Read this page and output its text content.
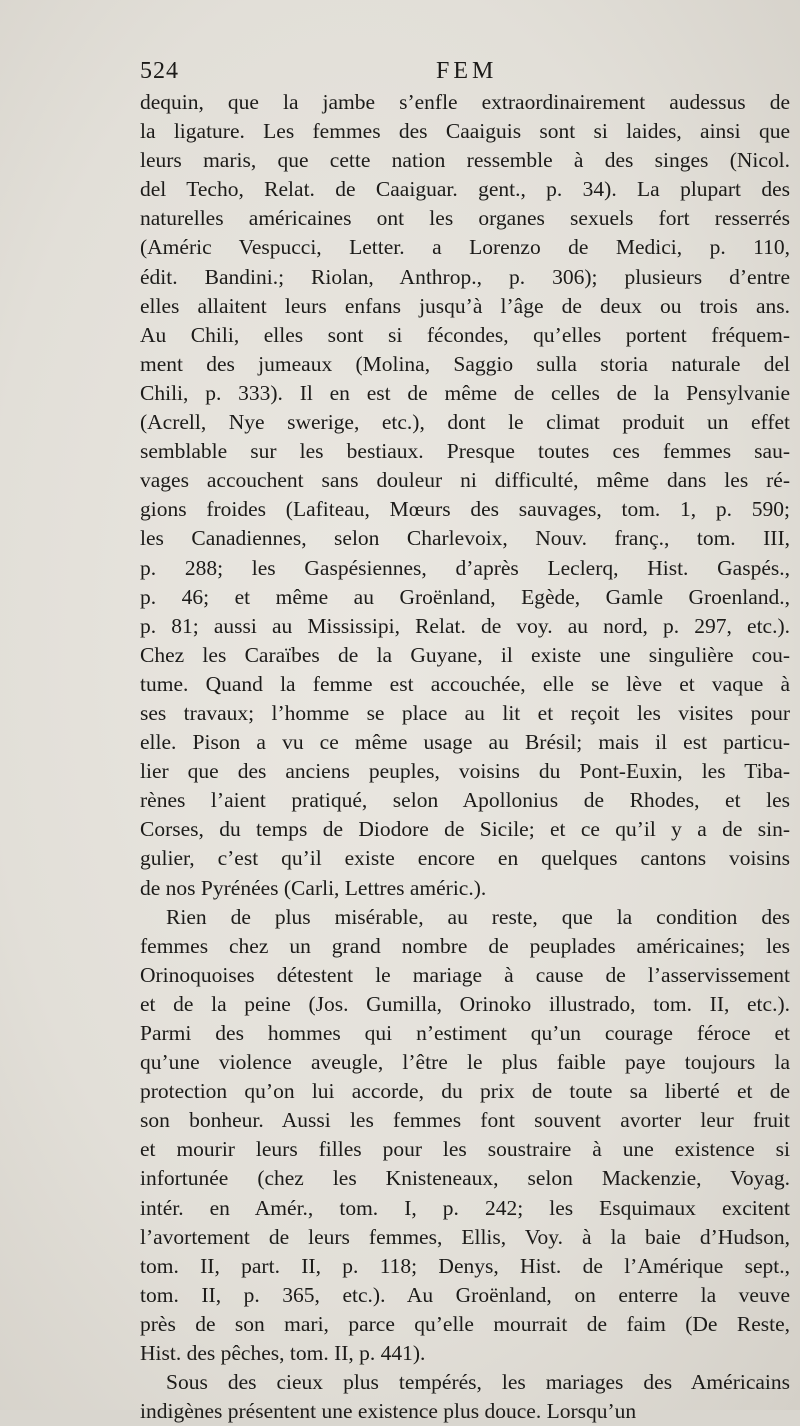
524	FEM
dequin, que la jambe s’enfle extraordinairement audessus de
la ligature. Les femmes des Caaiguis sont si laides, ainsi que
leurs maris, que cette nation ressemble à des singes (Nicol.
del Techo, Relat. de Caaiguar. gent., p. 34). La plupart des
naturelles américaines ont les organes sexuels fort resserrés
(Améric Vespucci, Letter. a Lorenzo de Medici, p. 110,
édit. Bandini.; Riolan, Anthrop., p. 306); plusieurs d’entre
elles allaitent leurs enfans jusqu’à l’âge de deux ou trois ans.
Au Chili, elles sont si fécondes, qu’elles portent fréquem-
ment des jumeaux (Molina, Saggio sulla storia naturale del
Chili, p. 333). Il en est de même de celles de la Pensylvanie
(Acrell, Nye swerige, etc.), dont le climat produit un effet
semblable sur les bestiaux. Presque toutes ces femmes sau-
vages accouchent sans douleur ni difficulté, même dans les ré-
gions froides (Lafiteau, Mœurs des sauvages, tom. 1, p. 590;
les Canadiennes, selon Charlevoix, Nouv. franç., tom. III,
p. 288; les Gaspésiennes, d’après Leclerq, Hist. Gaspés.,
p. 46; et même au Groënland, Egède, Gamle Groenland.,
p. 81; aussi au Mississipi, Relat. de voy. au nord, p. 297, etc.).
Chez les Caraïbes de la Guyane, il existe une singulière cou-
tume. Quand la femme est accouchée, elle se lève et vaque à
ses travaux; l’homme se place au lit et reçoit les visites pour
elle. Pison a vu ce même usage au Brésil; mais il est particu-
lier que des anciens peuples, voisins du Pont-Euxin, les Tiba-
rènes l’aient pratiqué, selon Apollonius de Rhodes, et les
Corses, du temps de Diodore de Sicile; et ce qu’il y a de sin-
gulier, c’est qu’il existe encore en quelques cantons voisins
de nos Pyrénées (Carli, Lettres améric.).
Rien de plus misérable, au reste, que la condition des
femmes chez un grand nombre de peuplades américaines; les
Orinoquoises détestent le mariage à cause de l’asservissement
et de la peine (Jos. Gumilla, Orinoko illustrado, tom. II, etc.).
Parmi des hommes qui n’estiment qu’un courage féroce et
qu’une violence aveugle, l’être le plus faible paye toujours la
protection qu’on lui accorde, du prix de toute sa liberté et de
son bonheur. Aussi les femmes font souvent avorter leur fruit
et mourir leurs filles pour les soustraire à une existence si
infortunée (chez les Knisteneaux, selon Mackenzie, Voyag.
intér. en Amér., tom. I, p. 242; les Esquimaux excitent
l’avortement de leurs femmes, Ellis, Voy. à la baie d’Hudson,
tom. II, part. II, p. 118; Denys, Hist. de l’Amérique sept.,
tom. II, p. 365, etc.). Au Groënland, on enterre la veuve
près de son mari, parce qu’elle mourrait de faim (De Reste,
Hist. des pêches, tom. II, p. 441).
Sous des cieux plus tempérés, les mariages des Américains
indigènes présentent une existence plus douce. Lorsqu’un
